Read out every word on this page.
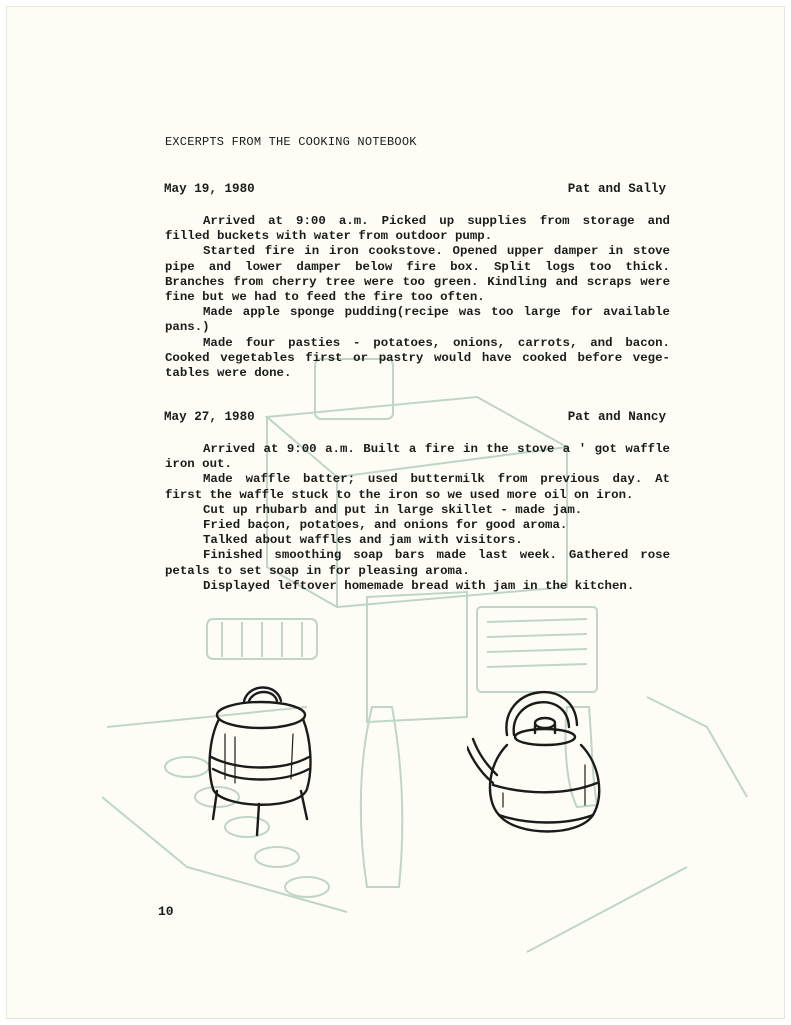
EXCERPTS FROM THE COOKING NOTEBOOK
May 19, 1980	Pat and Sally

Arrived at 9:00 a.m. Picked up supplies from storage and filled buckets with water from outdoor pump.

Started fire in iron cookstove. Opened upper damper in stove pipe and lower damper below fire box. Split logs too thick. Branches from cherry tree were too green. Kindling and scraps were fine but we had to feed the fire too often.

Made apple sponge pudding(recipe was too large for available pans.)

Made four pasties - potatoes, onions, carrots, and bacon. Cooked vegetables first or pastry would have cooked before vege-tables were done.

May 27, 1980	Pat and Nancy

Arrived at 9:00 a.m. Built a fire in the stove a ' got waffle iron out.

Made waffle batter; used buttermilk from previous day. At first the waffle stuck to the iron so we used more oil on iron.

Cut up rhubarb and put in large skillet - made jam.

Fried bacon, potatoes, and onions for good aroma.

Talked about waffles and jam with visitors.

Finished smoothing soap bars made last week. Gathered rose petals to set soap in for pleasing aroma.

Displayed leftover homemade bread with jam in the kitchen.

10
